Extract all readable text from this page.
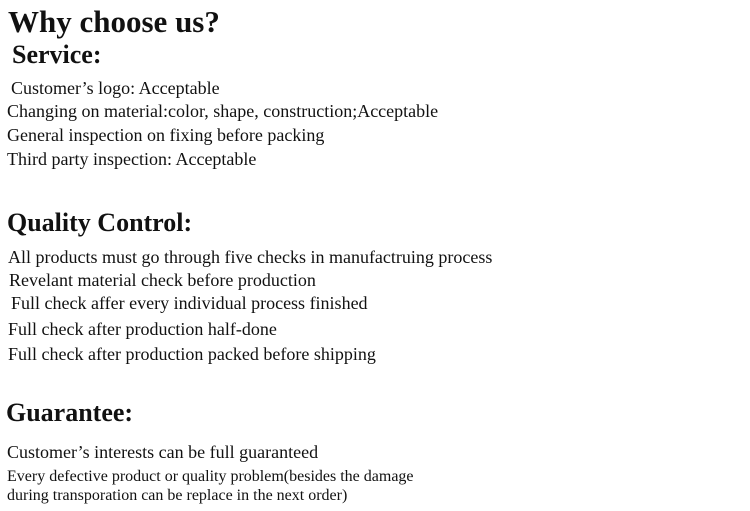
Why choose us?
Service:

Customer’s logo: Acceptable

Changing on material:color, shape, construction;Acceptable

General inspection on fixing before packing

Third party inspection: Acceptable

Quality Control:

All products must go through five checks in manufactruing process

Revelant material check before production

Full check affer every individual process finished

Full check after production half-done

Full check after production packed before shipping

Guarantee:

Customer’s interests can be full guaranteed

Every defective product or quality problem(besides the damage

during transporation can be replace in the next order)
